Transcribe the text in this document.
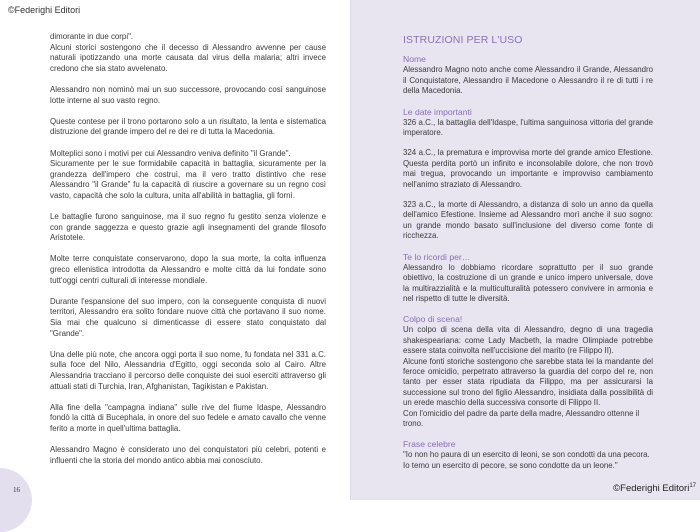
©Federighi Editori

dimorante in due corpi".
Alcuni storici sostengono che il decesso di Alessandro avvenne per cause naturali ipotizzando una morte causata dal virus della malaria; altri invece credono che sia stato avvelenato.

Alessandro non nominò mai un suo successore, provocando così sanguinose lotte interne al suo vasto regno.

Queste contese per il trono portarono solo a un risultato, la lenta e sistematica distruzione del grande impero del re dei re di tutta la Macedonia.

Molteplici sono i motivi per cui Alessandro veniva definito "il Grande".
Sicuramente per le sue formidabile capacità in battaglia, sicuramente per la grandezza dell'impero che costruì, ma il vero tratto distintivo che rese Alessandro "il Grande" fu la capacità di riuscire a governare su un regno così vasto, capacità che solo la cultura, unita all'abilità in battaglia, gli fornì.

Le battaglie furono sanguinose, ma il suo regno fu gestito senza violenze e con grande saggezza e questo grazie agli insegnamenti del grande filosofo Aristotele.

Molte terre conquistate conservarono, dopo la sua morte, la colta influenza greco ellenistica introdotta da Alessandro e molte città da lui fondate sono tutt'oggi centri culturali di interesse mondiale.

Durante l'espansione del suo impero, con la conseguente conquista di nuovi territori, Alessandro era solito fondare nuove città che portavano il suo nome. Sia mai che qualcuno si dimenticasse di essere stato conquistato dal "Grande".

Una delle più note, che ancora oggi porta il suo nome, fu fondata nel 331 a.C. sulla foce del Nilo, Alessandria d'Egitto, oggi seconda solo al Cairo. Altre Alessandria tracciano il percorso delle conquiste dei suoi eserciti attraverso gli attuali stati di Turchia, Iran, Afghanistan, Tagikistan e Pakistan.

Alla fine della "campagna indiana" sulle rive del fiume Idaspe, Alessandro fondò la città di Bucephala, in onore del suo fedele e amato cavallo che venne ferito a morte in quell'ultima battaglia.

Alessandro Magno è considerato uno dei conquistatori più celebri, potenti e influenti che la storia del mondo antico abbia mai conosciuto.

16
ISTRUZIONI PER L'USO
Nome

Alessandro Magno noto anche come Alessandro il Grande, Alessandro il Conquistatore, Alessandro il Macedone o Alessandro il re di tutti i re della Macedonia.

Le date importanti

326 a.C., la battaglia dell'Idaspe, l'ultima sanguinosa vittoria del grande imperatore.

324 a.C., la prematura e improvvisa morte del grande amico Efestione. Questa perdita portò un infinito e inconsolabile dolore, che non trovò mai tregua, provocando un importante e improvviso cambiamento nell'animo straziato di Alessandro.

323 a.C., la morte di Alessandro, a distanza di solo un anno da quella dell'amico Efestione. Insieme ad Alessandro morì anche il suo sogno: un grande mondo basato sull'inclusione del diverso come fonte di ricchezza.

Te lo ricordi per…

Alessandro lo dobbiamo ricordare soprattutto per il suo grande obiettivo, la costruzione di un grande e unico impero universale, dove la multirazzialità e la multiculturalità potessero convivere in armonia e nel rispetto di tutte le diversità.

Colpo di scena!

Un colpo di scena della vita di Alessandro, degno di una tragedia shakespeariana: come Lady Macbeth, la madre Olimpiade potrebbe essere stata coinvolta nell'uccisione del marito (re Filippo II).

Alcune fonti storiche sostengono che sarebbe stata lei la mandante del feroce omicidio, perpetrato attraverso la guardia del corpo del re, non tanto per esser stata ripudiata da Filippo, ma per assicurarsi la successione sul trono del figlio Alessandro, insidiata dalla possibilità di un erede maschio della successiva consorte di Filippo II.

Con l'omicidio del padre da parte della madre, Alessandro ottenne il trono.

Frase celebre

"Io non ho paura di un esercito di leoni, se son condotti da una pecora. Io temo un esercito di pecore, se sono condotte da un leone."

©Federighi Editori$^{17}$
